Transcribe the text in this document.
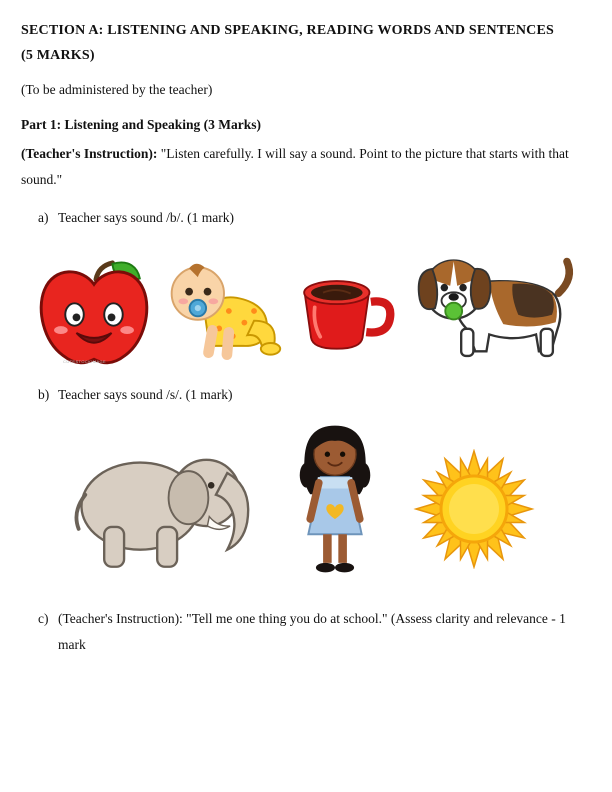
SECTION A: LISTENING AND SPEAKING, READING WORDS AND SENTENCES
(5 MARKS)
(To be administered by the teacher)
Part 1: Listening and Speaking (3 Marks)

(Teacher's Instruction): "Listen carefully. I will say a sound. Point to the picture that starts with that sound."

a) Teacher says sound /b/. (1 mark)
CUTESTOCKIMAGE
b) Teacher says sound /s/. (1 mark)
c) (Teacher's Instruction): "Tell me one thing you do at school." (Assess clarity and relevance - 1 mark
